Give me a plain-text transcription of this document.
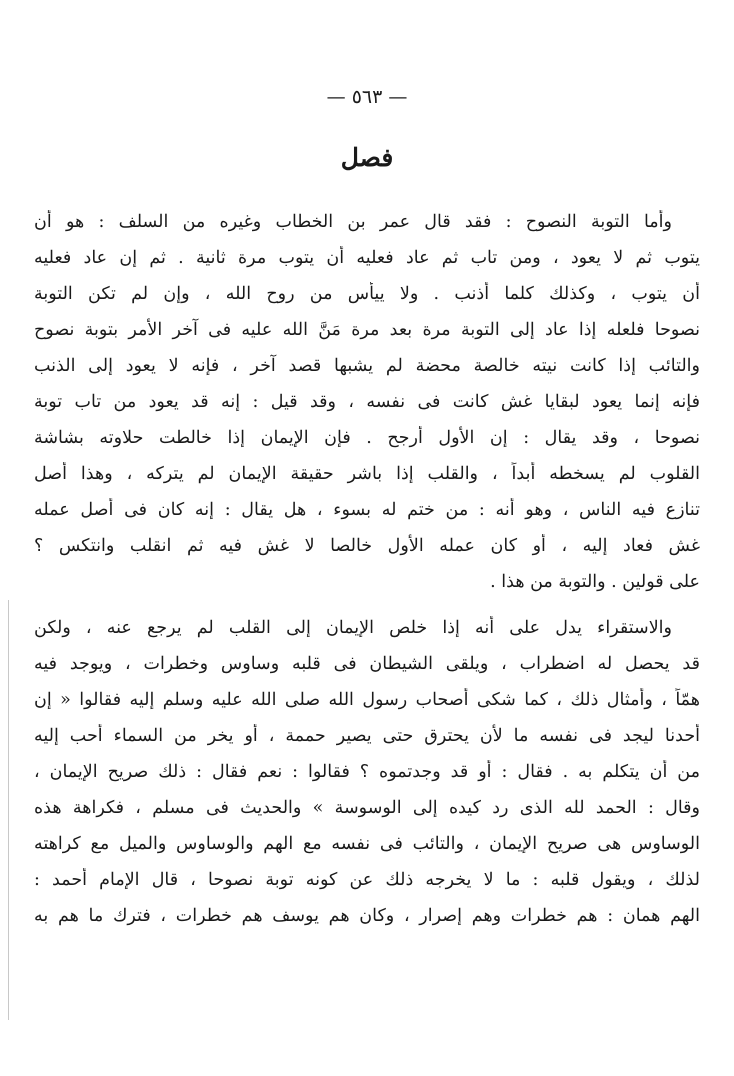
— ٥٦٣ —
فصل
وأما التوبة النصوح : فقد قال عمر بن الخطاب وغيره من السلف : هو أن
يتوب ثم لا يعود ، ومن تاب ثم عاد فعليه أن يتوب مرة ثانية . ثم إن عاد فعليه
أن يتوب ، وكذلك كلما أذنب . ولا ييأس من روح الله ، وإن لم تكن التوبة
نصوحا فلعله إذا عاد إلى التوبة مرة بعد مرة مَنَّ الله عليه فى آخر الأمر بتوبة نصوح
والتائب إذا كانت نيته خالصة محضة لم يشبها قصد آخر ، فإنه لا يعود إلى الذنب
فإنه إنما يعود لبقايا غش كانت فى نفسه ، وقد قيل : إنه قد يعود من تاب توبة
نصوحا ، وقد يقال : إن الأول أرجح . فإن الإيمان إذا خالطت حلاوته بشاشة
القلوب لم يسخطه أبداً ، والقلب إذا باشر حقيقة الإيمان لم يتركه ، وهذا أصل
تنازع فيه الناس ، وهو أنه : من ختم له بسوء ، هل يقال : إنه كان فى أصل عمله
غش فعاد إليه ، أو كان عمله الأول خالصا لا غش فيه ثم انقلب وانتكس ؟
على قولين . والتوبة من هذا .
والاستقراء يدل على أنه إذا خلص الإيمان إلى القلب لم يرجع عنه ، ولكن
قد يحصل له اضطراب ، ويلقى الشيطان فى قلبه وساوس وخطرات ، ويوجد فيه
همّاً ، وأمثال ذلك ، كما شكى أصحاب رسول الله صلى الله عليه وسلم إليه فقالوا « إن
أحدنا ليجد فى نفسه ما لأن يحترق حتى يصير حممة ، أو يخر من السماء أحب إليه
من أن يتكلم به . فقال : أو قد وجدتموه ؟ فقالوا : نعم فقال : ذلك صريح الإيمان ،
وقال : الحمد لله الذى رد كيده إلى الوسوسة » والحديث فى مسلم ، فكراهة هذه
الوساوس هى صريح الإيمان ، والتائب فى نفسه مع الهم والوساوس والميل مع كراهته
لذلك ، ويقول قلبه : ما لا يخرجه ذلك عن كونه توبة نصوحا ، قال الإمام أحمد :
الهم همان : هم خطرات وهم إصرار ، وكان هم يوسف هم خطرات ، فترك ما هم به
